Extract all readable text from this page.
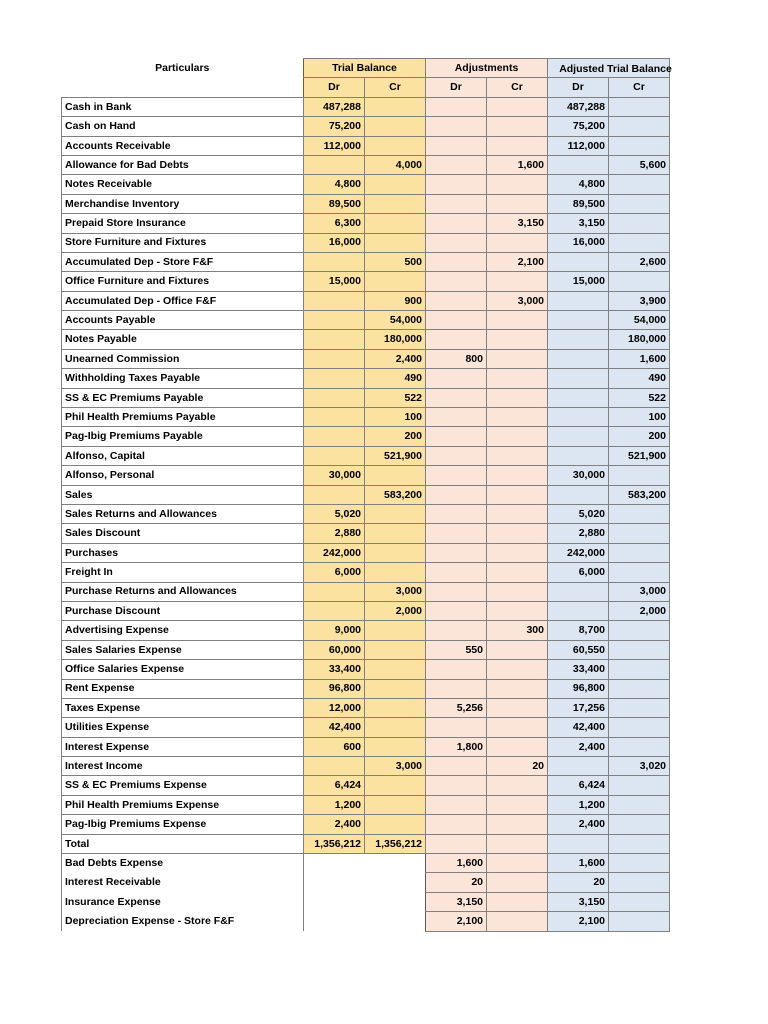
Particulars	Trial Balance		Adjustments		Adjusted Trial Balance	

	Dr	Cr	Dr	Cr	Dr	Cr
Cash in Bank	487,288				487,288	
Cash on Hand	75,200				75,200	
Accounts Receivable	112,000				112,000	
Allowance for Bad Debts		4,000		1,600		5,600
Notes Receivable	4,800				4,800	
Merchandise Inventory	89,500				89,500	
Prepaid Store Insurance	6,300			3,150	3,150	
Store Furniture and Fixtures	16,000				16,000	
Accumulated Dep - Store F&F		500		2,100		2,600
Office Furniture and Fixtures	15,000				15,000	
Accumulated Dep - Office F&F		900		3,000		3,900
Accounts Payable		54,000				54,000
Notes Payable		180,000				180,000
Unearned Commission		2,400	800			1,600
Withholding Taxes Payable		490				490
SS & EC Premiums Payable		522				522
Phil Health Premiums Payable		100				100
Pag-Ibig Premiums Payable		200				200
Alfonso, Capital		521,900				521,900
Alfonso, Personal	30,000				30,000	
Sales		583,200				583,200
Sales Returns and Allowances	5,020				5,020	
Sales Discount	2,880				2,880	
Purchases	242,000				242,000	
Freight In	6,000				6,000	
Purchase Returns and Allowances		3,000				3,000
Purchase Discount		2,000				2,000
Advertising Expense	9,000			300	8,700	
Sales Salaries Expense	60,000		550		60,550	
Office Salaries Expense	33,400				33,400	
Rent Expense	96,800				96,800	
Taxes Expense	12,000		5,256		17,256	
Utilities Expense	42,400				42,400	
Interest Expense	600		1,800		2,400	
Interest Income		3,000		20		3,020
SS & EC Premiums Expense	6,424				6,424	
Phil Health Premiums Expense	1,200				1,200	
Pag-Ibig Premiums Expense	2,400				2,400	
Total	1,356,212	1,356,212				
Bad Debts Expense			1,600		1,600	
Interest Receivable			20		20	
Insurance Expense			3,150		3,150	
Depreciation Expense - Store F&F			2,100		2,100	
